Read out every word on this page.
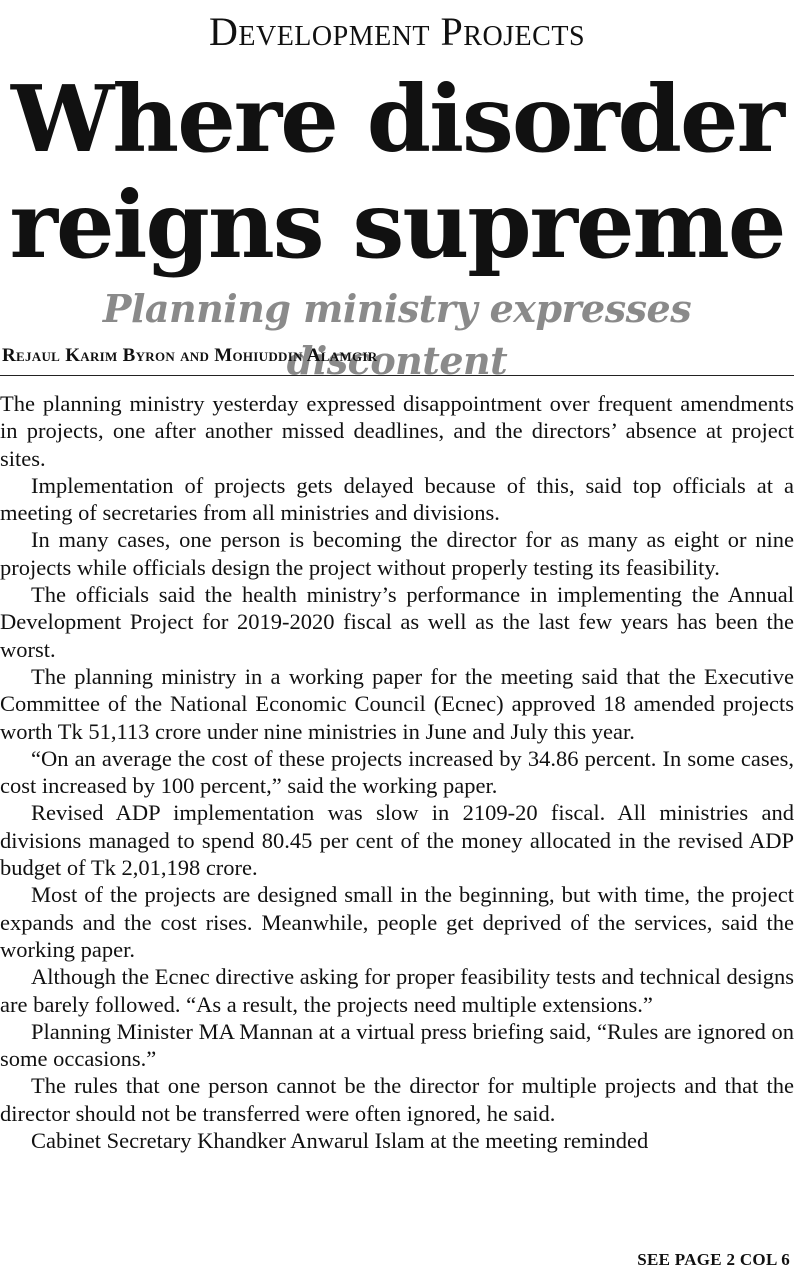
Development Projects
Where disorder
reigns supreme
Planning ministry expresses discontent
Rejaul Karim Byron and Mohiuddin Alamgir

The planning ministry yesterday expressed disappointment over frequent amendments in projects, one after another missed deadlines, and the directors’ absence at project sites.

Implementation of projects gets delayed because of this, said top officials at a meeting of secretaries from all ministries and divisions.

In many cases, one person is becoming the director for as many as eight or nine projects while officials design the project without properly testing its feasibility.

The officials said the health ministry’s performance in implementing the Annual Development Project for 2019-2020 fiscal as well as the last few years has been the worst.

The planning ministry in a working paper for the meeting said that the Executive Committee of the National Economic Council (Ecnec) approved 18 amended projects worth Tk 51,113 crore under nine ministries in June and July this year.

“On an average the cost of these projects increased by 34.86 percent. In some cases, cost increased by 100 percent,” said the working paper.

Revised ADP implementation was slow in 2109-20 fiscal. All ministries and divisions managed to spend 80.45 per cent of the money allocated in the revised ADP budget of Tk 2,01,198 crore.

Most of the projects are designed small in the beginning, but with time, the project expands and the cost rises. Meanwhile, people get deprived of the services, said the working paper.

Although the Ecnec directive asking for proper feasibility tests and technical designs are barely followed. “As a result, the projects need multiple extensions.”

Planning Minister MA Mannan at a virtual press briefing said, “Rules are ignored on some occasions.”

The rules that one person cannot be the director for multiple projects and that the director should not be transferred were often ignored, he said.

Cabinet Secretary Khandker Anwarul Islam at the meeting reminded

SEE PAGE 2 COL 6
